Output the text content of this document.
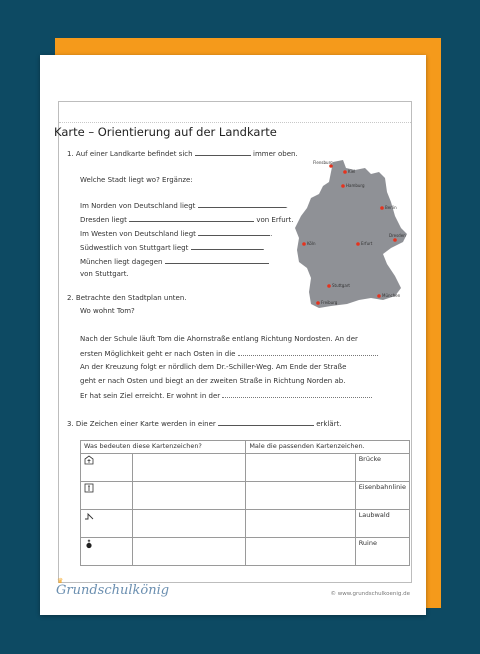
Karte – Orientierung auf der Landkarte
1. Auf einer Landkarte befindet sich	immer oben.
Welche Stadt liegt wo? Ergänze:
Im Norden von Deutschland liegt	.
Dresden liegt	von Erfurt.
Im Westen von Deutschland liegt	.
Südwestlich von Stuttgart liegt	.
München liegt dagegen
von Stuttgart.
Flensburg
Kiel
Hamburg
Berlin
Dresden
Erfurt
Köln
Stuttgart
Freiburg
München
2. Betrachte den Stadtplan unten.
Wo wohnt Tom?
Nach der Schule läuft Tom die Ahornstraße entlang Richtung Nordosten. An der
ersten Möglichkeit geht er nach Osten in die
An der Kreuzung folgt er nördlich dem Dr.-Schiller-Weg. Am Ende der Straße
geht er nach Osten und biegt an der zweiten Straße in Richtung Norden ab.
Er hat sein Ziel erreicht. Er wohnt in der
3. Die Zeichen einer Karte werden in einer	erklärt.
Was bedeuten diese Kartenzeichen?		Male die passenden Kartenzeichen.	
			Brücke
			Eisenbahnlinie
			Laubwald
			Ruine
♛
Grundschulkönig	© www.grundschulkoenig.de
